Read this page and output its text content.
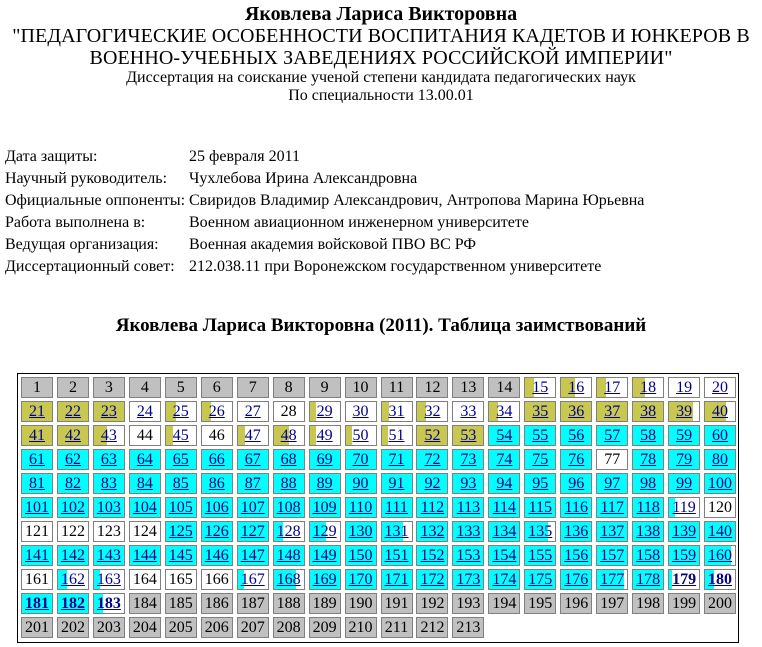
Яковлева Лариса Викторовна
"ПЕДАГОГИЧЕСКИЕ ОСОБЕННОСТИ ВОСПИТАНИЯ КАДЕТОВ И ЮНКЕРОВ В
ВОЕННО-УЧЕБНЫХ ЗАВЕДЕНИЯХ РОССИЙСКОЙ ИМПЕРИИ"
Диссертация на соискание ученой степени кандидата педагогических наук
По специальности 13.00.01
Дата защиты:	25 февраля 2011
Научный руководитель:	Чухлебова Ирина Александровна
Официальные оппоненты:	Свиридов Владимир Александрович, Антропова Марина Юрьевна
Работа выполнена в:	Военном авиационном инженерном университете
Ведущая организация:	Военная академия войсковой ПВО ВС РФ
Диссертационный совет:	212.038.11 при Воронежском государственном университете
Яковлева Лариса Викторовна (2011). Таблица заимствований
1	2	3	4	5	6	7	8	9	10	11	12	13	14	15	16	17	18	19	20
21	22	23	24	25	26	27	28	29	30	31	32	33	34	35	36	37	38	39	40
41	42	43	44	45	46	47	48	49	50	51	52	53	54	55	56	57	58	59	60
61	62	63	64	65	66	67	68	69	70	71	72	73	74	75	76	77	78	79	80
81	82	83	84	85	86	87	88	89	90	91	92	93	94	95	96	97	98	99 100
101 102 103 104 105 106 107 108 109 110 111 112 113 114 115 116 117 118 119 120
121 122 123 124 125 126 127 128 129 130 131 132 133 134 135 136 137 138 139 140
141 142 143 144 145 146 147 148 149 150 151 152 153 154 155 156 157 158 159 160
161 162 163 164 165 166 167 168 169 170 171 172 173 174 175 176 177 178 179 180
181 182 183 184 185 186 187 188 189 190 191 192 193 194 195 196 197 198 199 200
201 202 203 204 205 206 207 208 209 210 211 212 213
